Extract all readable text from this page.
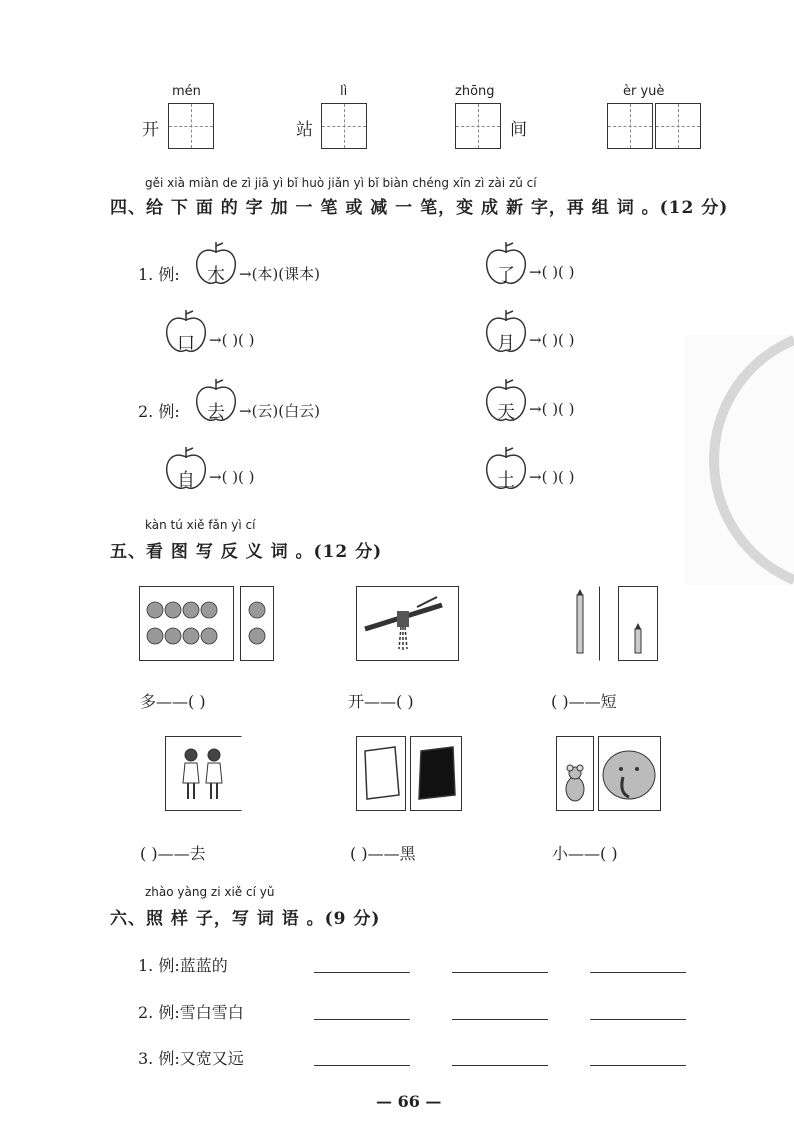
mén
开
lì
站
zhōng
间
èr yuè
gěi xià miàn de zì jiā yì bǐ huò jiǎn yì bǐ biàn chéng xīn zì zài zǔ cí
四、给 下 面 的 字 加 一 笔 或 减 一 笔，变 成 新 字，再 组 词 。(12 分)
1. 例: 木 →(本)(课本)	了 →( )( )
口 →( )( )	月 →( )( )
2. 例: 去 →(云)(白云)	天 →( )( )
自 →( )( )	土 →( )( )
kàn tú xiě fǎn yì cí
五、看 图 写 反 义 词 。(12 分)
多——( )	开——( )	( )——短
( )——去	( )——黑	小——( )
zhào yàng zi xiě cí yǔ
六、照 样 子，写 词 语 。(9 分)
1. 例:蓝蓝的
2. 例:雪白雪白
3. 例:又宽又远
— 66 —
